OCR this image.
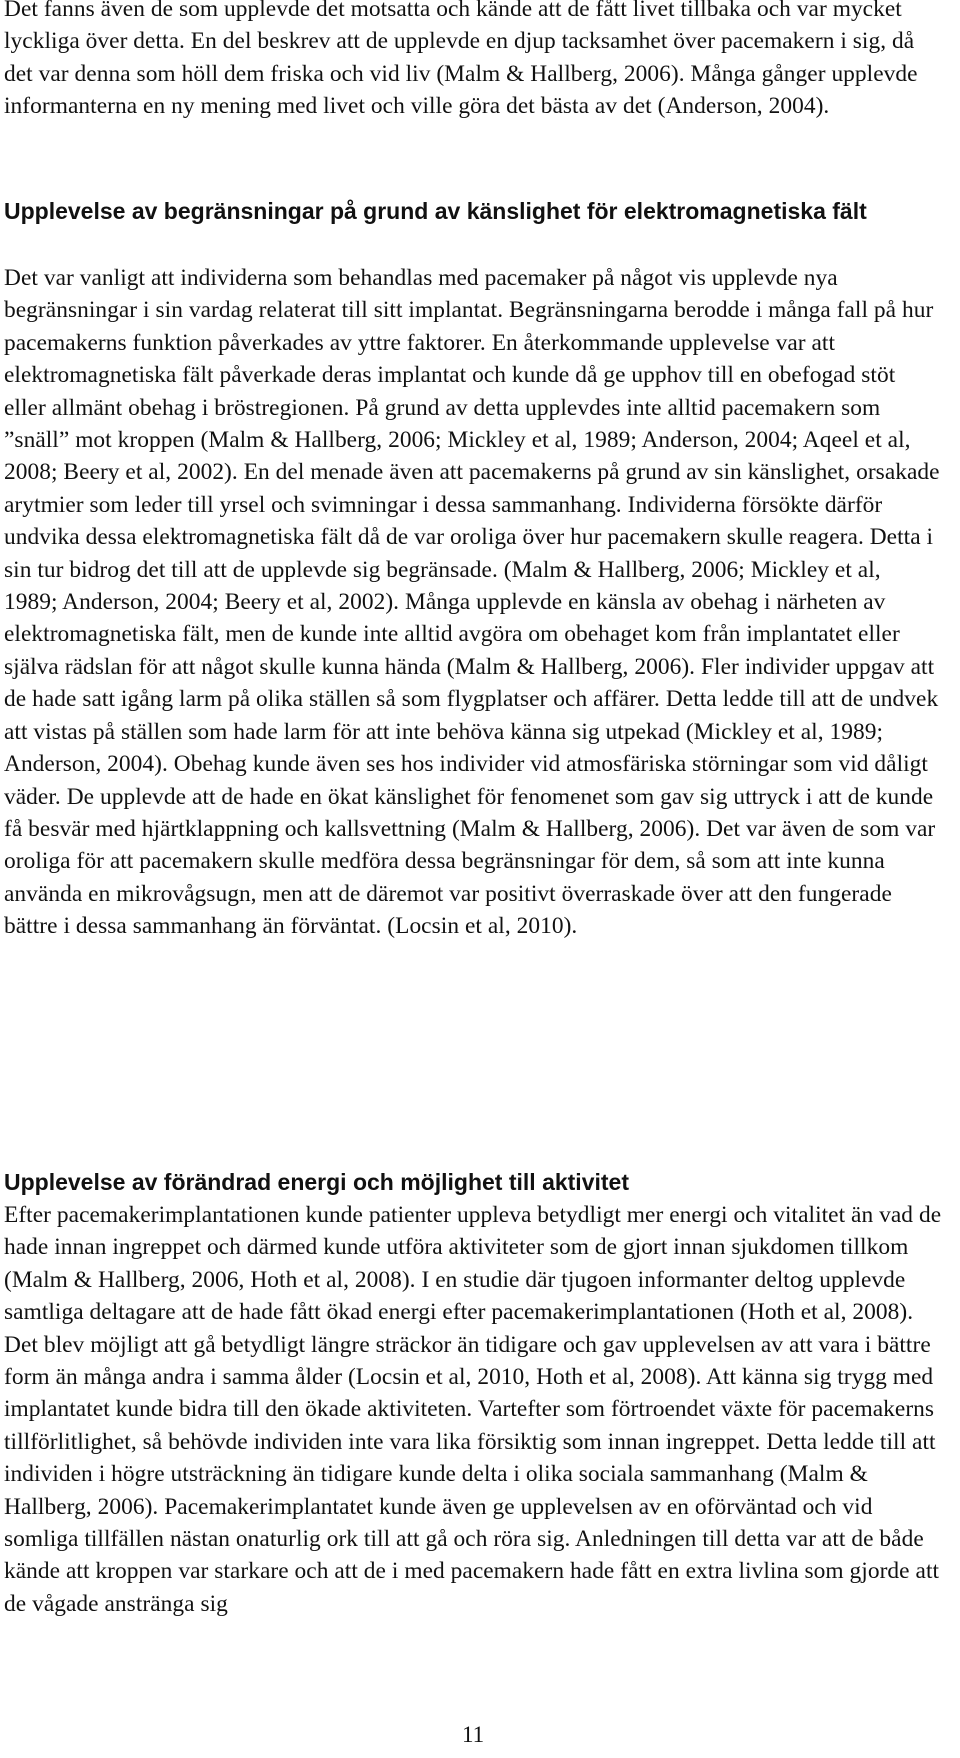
Det fanns även de som upplevde det motsatta och kände att de fått livet tillbaka och var mycket lyckliga över detta. En del beskrev att de upplevde en djup tacksamhet över pacemakern i sig, då det var denna som höll dem friska och vid liv (Malm & Hallberg, 2006). Många gånger upplevde informanterna en ny mening med livet och ville göra det bästa av det (Anderson, 2004).

Upplevelse av begränsningar på grund av känslighet för elektromagnetiska fält

Det var vanligt att individerna som behandlas med pacemaker på något vis upplevde nya begränsningar i sin vardag relaterat till sitt implantat. Begränsningarna berodde i många fall på hur pacemakerns funktion påverkades av yttre faktorer. En återkommande upplevelse var att elektromagnetiska fält påverkade deras implantat och kunde då ge upphov till en obefogad stöt eller allmänt obehag i bröstregionen. På grund av detta upplevdes inte alltid pacemakern som ”snäll” mot kroppen (Malm & Hallberg, 2006; Mickley et al, 1989; Anderson, 2004; Aqeel et al, 2008; Beery et al, 2002). En del menade även att pacemakerns på grund av sin känslighet, orsakade arytmier som leder till yrsel och svimningar i dessa sammanhang. Individerna försökte därför undvika dessa elektromagnetiska fält då de var oroliga över hur pacemakern skulle reagera. Detta i sin tur bidrog det till att de upplevde sig begränsade. (Malm & Hallberg, 2006; Mickley et al, 1989; Anderson, 2004; Beery et al, 2002). Många upplevde en känsla av obehag i närheten av elektromagnetiska fält, men de kunde inte alltid avgöra om obehaget kom från implantatet eller själva rädslan för att något skulle kunna hända (Malm & Hallberg, 2006). Fler individer uppgav att de hade satt igång larm på olika ställen så som flygplatser och affärer. Detta ledde till att de undvek att vistas på ställen som hade larm för att inte behöva känna sig utpekad (Mickley et al, 1989; Anderson, 2004). Obehag kunde även ses hos individer vid atmosfäriska störningar som vid dåligt väder. De upplevde att de hade en ökat känslighet för fenomenet som gav sig uttryck i att de kunde få besvär med hjärtklappning och kallsvettning (Malm & Hallberg, 2006). Det var även de som var oroliga för att pacemakern skulle medföra dessa begränsningar för dem, så som att inte kunna använda en mikrovågsugn, men att de däremot var positivt överraskade över att den fungerade bättre i dessa sammanhang än förväntat. (Locsin et al, 2010).

Upplevelse av förändrad energi och möjlighet till aktivitet

Efter pacemakerimplantationen kunde patienter uppleva betydligt mer energi och vitalitet än vad de hade innan ingreppet och därmed kunde utföra aktiviteter som de gjort innan sjukdomen tillkom (Malm & Hallberg, 2006, Hoth et al, 2008). I en studie där tjugoen informanter deltog upplevde samtliga deltagare att de hade fått ökad energi efter pacemakerimplantationen (Hoth et al, 2008). Det blev möjligt att gå betydligt längre sträckor än tidigare och gav upplevelsen av att vara i bättre form än många andra i samma ålder (Locsin et al, 2010, Hoth et al, 2008). Att känna sig trygg med implantatet kunde bidra till den ökade aktiviteten. Vartefter som förtroendet växte för pacemakerns tillförlitlighet, så behövde individen inte vara lika försiktig som innan ingreppet. Detta ledde till att individen i högre utsträckning än tidigare kunde delta i olika sociala sammanhang (Malm & Hallberg, 2006). Pacemakerimplantatet kunde även ge upplevelsen av en oförväntad och vid somliga tillfällen nästan onaturlig ork till att gå och röra sig. Anledningen till detta var att de både kände att kroppen var starkare och att de i med pacemakern hade fått en extra livlina som gjorde att de vågade anstränga sig

11
